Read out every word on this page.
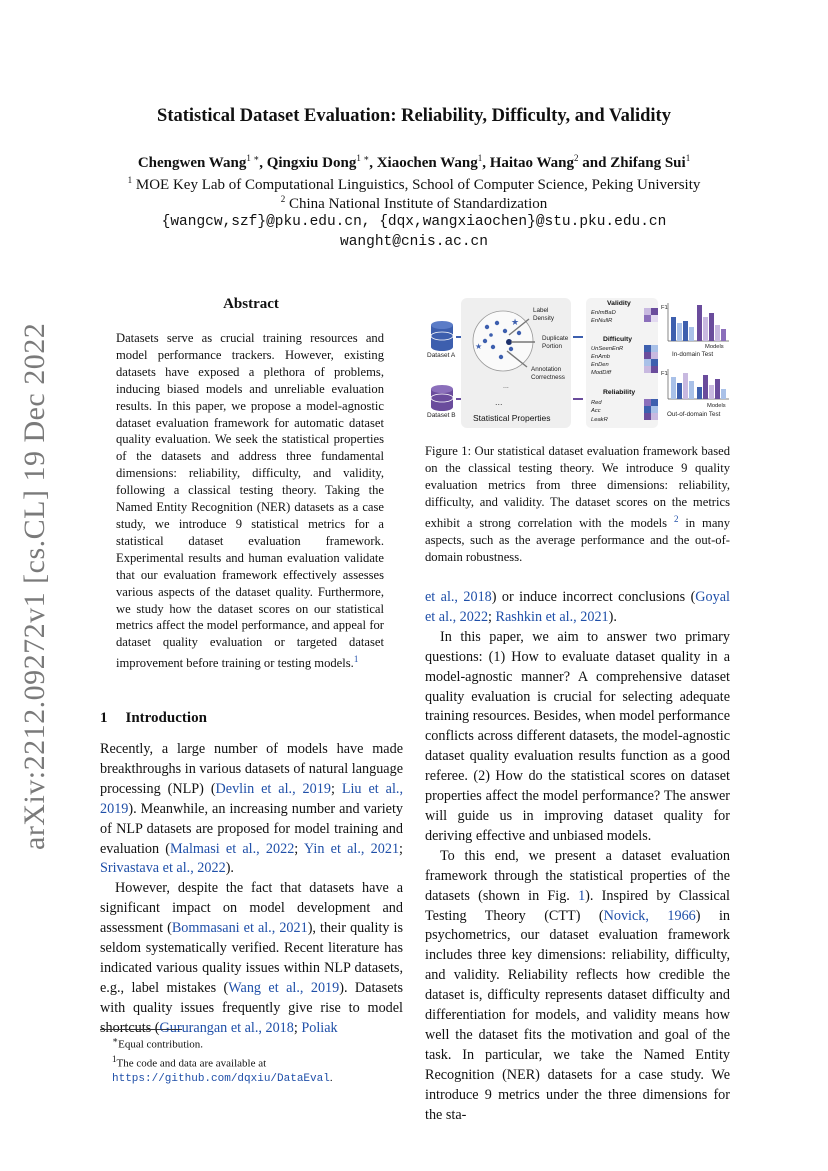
Statistical Dataset Evaluation: Reliability, Difficulty, and Validity
Chengwen Wang$^{1 ∗}$, Qingxiu Dong$^{1 ∗}$, Xiaochen Wang$^1$, Haitao Wang$^2$ and Zhifang Sui$^1$
$^1$ MOE Key Lab of Computational Linguistics, School of Computer Science, Peking University
$^2$ China National Institute of Standardization
{wangcw,szf}@pku.edu.cn, {dqx,wangxiaochen}@stu.pku.edu.cn
wanght@cnis.ac.cn
arXiv:2212.09272v1 [cs.CL] 19 Dec 2022
Abstract
Datasets serve as crucial training resources and model performance trackers. However, existing datasets have exposed a plethora of problems, inducing biased models and unreliable evaluation results. In this paper, we propose a model-agnostic dataset evaluation framework for automatic dataset quality evaluation. We seek the statistical properties of the datasets and address three fundamental dimensions: reliability, difficulty, and validity, following a classical testing theory. Taking the Named Entity Recognition (NER) datasets as a case study, we introduce 9 statistical metrics for a statistical dataset evaluation framework. Experimental results and human evaluation validate that our evaluation framework effectively assesses various aspects of the dataset quality. Furthermore, we study how the dataset scores on our statistical metrics affect the model performance, and appeal for dataset quality evaluation or targeted dataset improvement before training or testing models.$^1$
1 Introduction

Recently, a large number of models have made breakthroughs in various datasets of natural language processing (NLP) (Devlin et al., 2019; Liu et al., 2019). Meanwhile, an increasing number and variety of NLP datasets are proposed for model training and evaluation (Malmasi et al., 2022; Yin et al., 2021; Srivastava et al., 2022).

However, despite the fact that datasets have a significant impact on model development and assessment (Bommasani et al., 2021), their quality is seldom systematically verified. Recent literature has indicated various quality issues within NLP datasets, e.g., label mistakes (Wang et al., 2019). Datasets with quality issues frequently give rise to model shortcuts (Gururangan et al., 2018; Poliak

∗Equal contribution.
$^1$The code and data are available at https://github.com/dqxiu/DataEval.
Dataset A
Dataset B
★
★
Label Density
Duplicate Portion
Annotation Correctness
...
...
Statistical Properties
Validity
EnImBaD
EnNullR
Difficulty
UnSeenEnR
EnAmb
EnDen
ModDiff
Reliability
Red
Acc
LeakR
F1
Models
In-domain Test
F1
Models
Out-of-domain Test
Figure 1: Our statistical dataset evaluation framework based on the classical testing theory. We introduce 9 quality evaluation metrics from three dimensions: reliability, difficulty, and validity. The dataset scores on the metrics exhibit a strong correlation with the models $^2$ in many aspects, such as the average performance and the out-of-domain robustness.

et al., 2018) or induce incorrect conclusions (Goyal et al., 2022; Rashkin et al., 2021).

In this paper, we aim to answer two primary questions: (1) How to evaluate dataset quality in a model-agnostic manner? A comprehensive dataset quality evaluation is crucial for selecting adequate training resources. Besides, when model performance conflicts across different datasets, the model-agnostic dataset quality evaluation results function as a good referee. (2) How do the statistical scores on dataset properties affect the model performance? The answer will guide us in improving dataset quality for deriving effective and unbiased models.

To this end, we present a dataset evaluation framework through the statistical properties of the datasets (shown in Fig. 1). Inspired by Classical Testing Theory (CTT) (Novick, 1966) in psychometrics, our dataset evaluation framework includes three key dimensions: reliability, difficulty, and validity. Reliability reflects how credible the dataset is, difficulty represents dataset difficulty and differentiation for models, and validity means how well the dataset fits the motivation and goal of the task. In particular, we take the Named Entity Recognition (NER) datasets for a case study. We introduce 9 metrics under the three dimensions for the sta-
